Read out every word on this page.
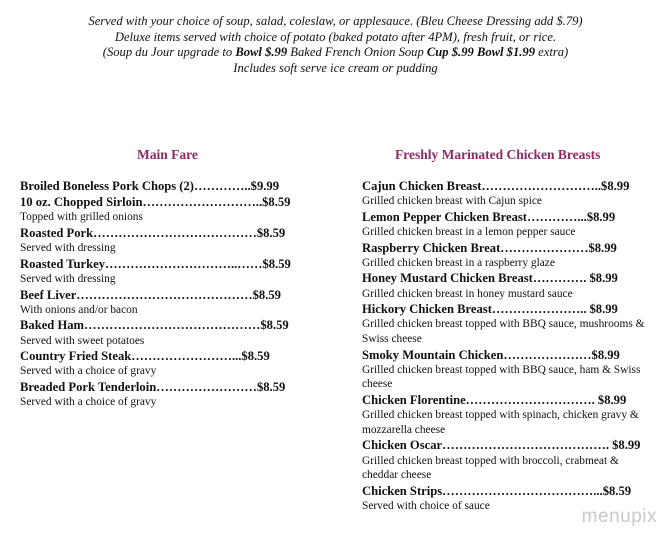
Served with your choice of soup, salad, coleslaw, or applesauce. (Bleu Cheese Dressing add $.79)
Deluxe items served with choice of potato (baked potato after 4PM), fresh fruit, or rice.
(Soup du Jour upgrade to Bowl $.99 Baked French Onion Soup Cup $.99 Bowl $1.99 extra)
Includes soft serve ice cream or pudding
Main Fare	Freshly Marinated Chicken Breasts
Broiled Boneless Pork Chops (2)…………..$9.99
10 oz. Chopped Sirloin………………………..$8.59
Topped with grilled onions
Roasted Pork…………………………………$8.59
Served with dressing
Roasted Turkey…………………………..……$8.59
Served with dressing
Beef Liver……………………………………$8.59
With onions and/or bacon
Baked Ham……………………………………$8.59
Served with sweet potatoes
Country Fried Steak……………………...$8.59
Served with a choice of gravy
Breaded Pork Tenderloin……………………$8.59
Served with a choice of gravy
Cajun Chicken Breast………………………..$8.99
Grilled chicken breast with Cajun spice
Lemon Pepper Chicken Breast…………...$8.99
Grilled chicken breast in a lemon pepper sauce
Raspberry Chicken Breat…………………$8.99
Grilled chicken breast in a raspberry glaze
Honey Mustard Chicken Breast…………. $8.99
Grilled chicken breast in honey mustard sauce
Hickory Chicken Breast………………….. $8.99
Grilled chicken breast topped with BBQ sauce, mushrooms & Swiss cheese
Smoky Mountain Chicken…………………$8.99
Grilled chicken breast topped with BBQ sauce, ham & Swiss cheese
Chicken Florentine…………………………. $8.99
Grilled chicken breast topped with spinach, chicken gravy & mozzarella cheese
Chicken Oscar…………………………………. $8.99
Grilled chicken breast topped with broccoli, crabmeat & cheddar cheese
Chicken Strips………………………………...$8.59
Served with choice of sauce
menupix
